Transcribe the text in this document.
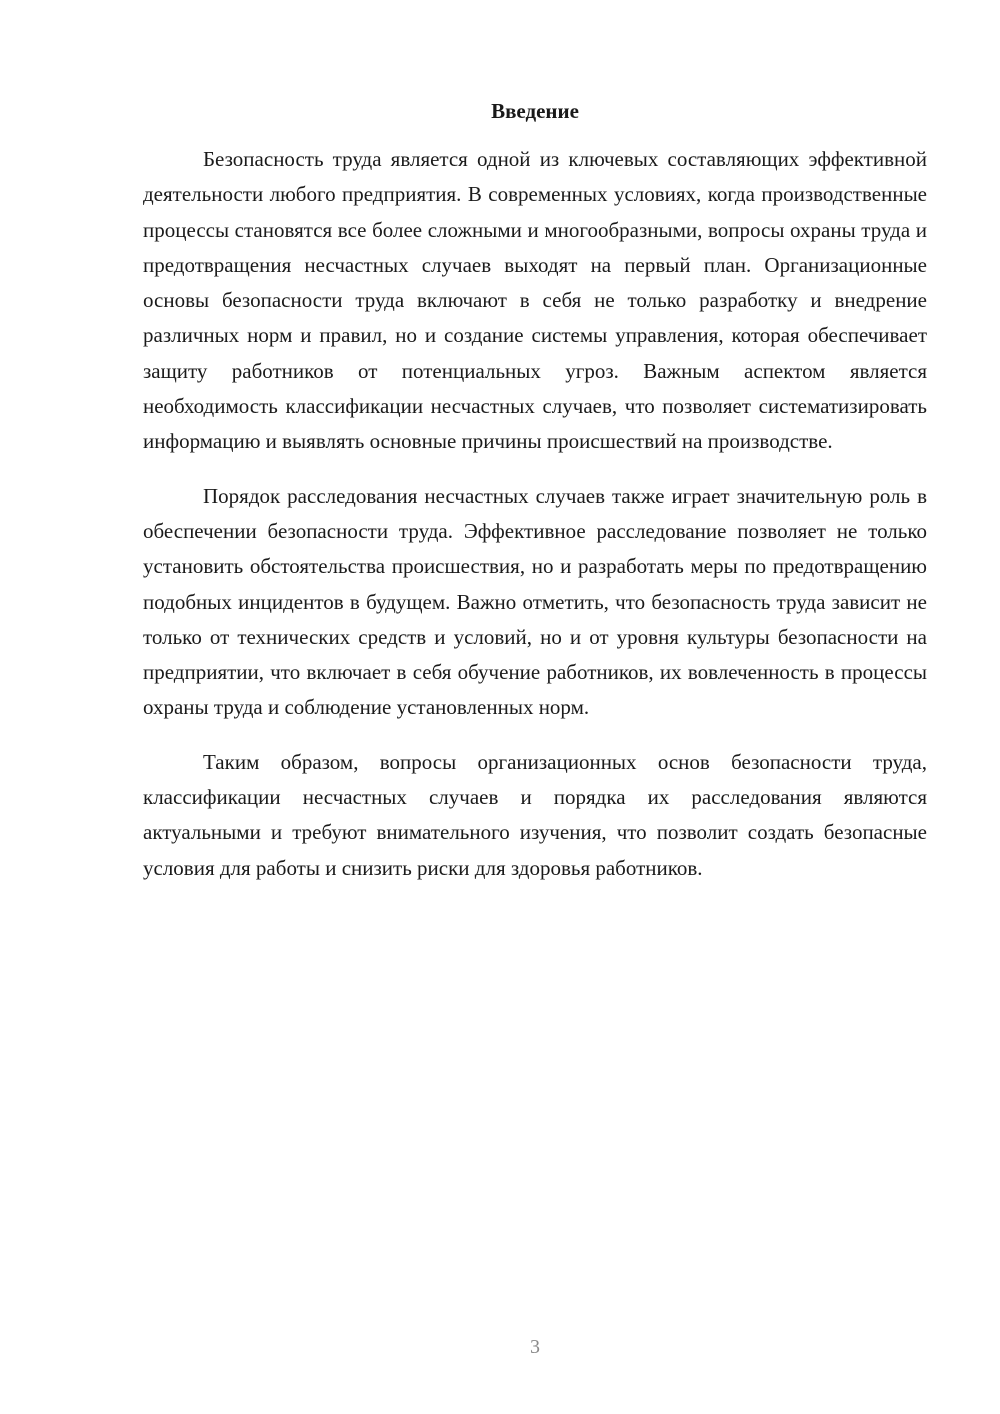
Введение

Безопасность труда является одной из ключевых составляющих эффективной деятельности любого предприятия. В современных условиях, когда производственные процессы становятся все более сложными и многообразными, вопросы охраны труда и предотвращения несчастных случаев выходят на первый план. Организационные основы безопасности труда включают в себя не только разработку и внедрение различных норм и правил, но и создание системы управления, которая обеспечивает защиту работников от потенциальных угроз. Важным аспектом является необходимость классификации несчастных случаев, что позволяет систематизировать информацию и выявлять основные причины происшествий на производстве.

Порядок расследования несчастных случаев также играет значительную роль в обеспечении безопасности труда. Эффективное расследование позволяет не только установить обстоятельства происшествия, но и разработать меры по предотвращению подобных инцидентов в будущем. Важно отметить, что безопасность труда зависит не только от технических средств и условий, но и от уровня культуры безопасности на предприятии, что включает в себя обучение работников, их вовлеченность в процессы охраны труда и соблюдение установленных норм.

Таким образом, вопросы организационных основ безопасности труда, классификации несчастных случаев и порядка их расследования являются актуальными и требуют внимательного изучения, что позволит создать безопасные условия для работы и снизить риски для здоровья работников.

3
